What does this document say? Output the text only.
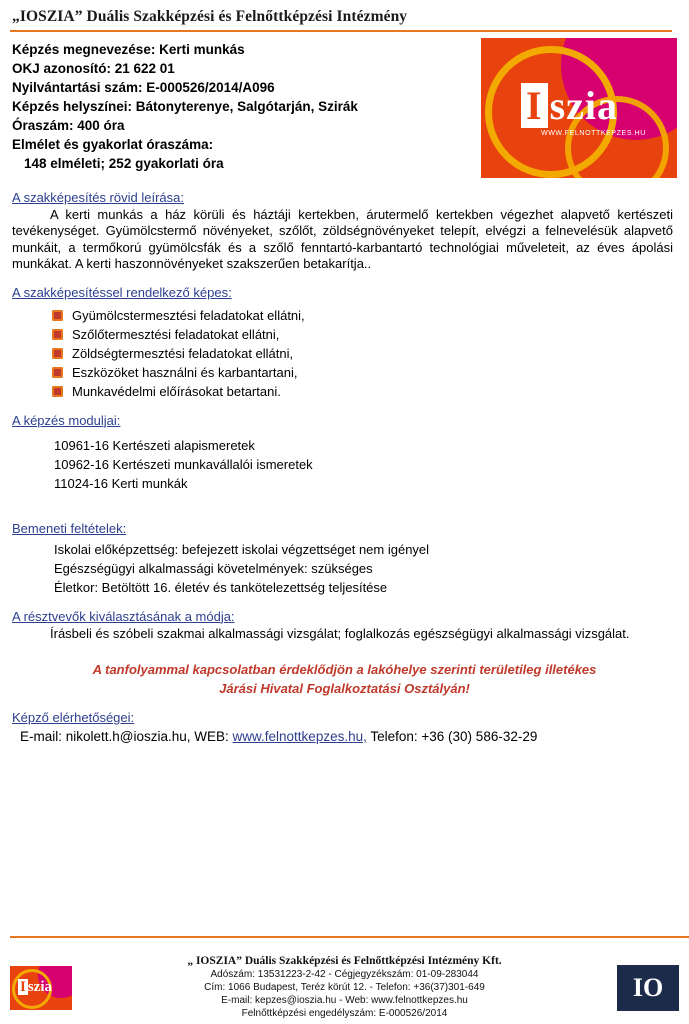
„IOSZIA” Duális Szakképzési és Felnőttképzési Intézmény
Képzés megnevezése: Kerti munkás
OKJ azonosító: 21 622 01
Nyilvántartási szám: E-000526/2014/A096
Képzés helyszínei: Bátonyterenye, Salgótarján, Szirák
Óraszám: 400 óra
Elmélet és gyakorlat óraszáma:
148 elméleti; 252 gyakorlati óra
I szia
WWW.FELNOTTKEPZES.HU
A szakképesítés rövid leírása:
A kerti munkás a ház körüli és háztáji kertekben, árutermelő kertekben végezhet alapvető kertészeti tevékenységet. Gyümölcstermő növényeket, szőlőt, zöldségnövényeket telepít, elvégzi a felnevelésük alapvető munkáit, a termőkorú gyümölcsfák és a szőlő fenntartó-karbantartó technológiai műveleteit, az éves ápolási munkákat. A kerti haszonnövényeket szakszerűen betakarítja..
A szakképesítéssel rendelkező képes:
Gyümölcstermesztési feladatokat ellátni,
Szőlőtermesztési feladatokat ellátni,
Zöldségtermesztési feladatokat ellátni,
Eszközöket használni és karbantartani,
Munkavédelmi előírásokat betartani.
A képzés moduljai:
10961-16 Kertészeti alapismeretek
10962-16 Kertészeti munkavállalói ismeretek
11024-16 Kerti munkák
Bemeneti feltételek:
Iskolai előképzettség: befejezett iskolai végzettséget nem igényel
Egészségügyi alkalmassági követelmények: szükséges
Életkor: Betöltött 16. életév és tankötelezettség teljesítése
A résztvevők kiválasztásának a módja:
Írásbeli és szóbeli szakmai alkalmassági vizsgálat; foglalkozás egészségügyi alkalmassági vizsgálat.
A tanfolyammal kapcsolatban érdeklődjön a lakóhelye szerinti területileg illetékes
Járási Hivatal Foglalkoztatási Osztályán!
Képző elérhetőségei:
E-mail: nikolett.h@ioszia.hu, WEB: www.felnottkepzes.hu, Telefon: +36 (30) 586-32-29
I szia
„ IOSZIA” Duális Szakképzési és Felnőttképzési Intézmény Kft.
Adószám: 13531223-2-42 - Cégjegyzékszám: 01-09-283044
Cím: 1066 Budapest, Teréz körút 12. - Telefon: +36(37)301-649
E-mail: kepzes@ioszia.hu - Web: www.felnottkepzes.hu
Felnőttképzési engedélyszám: E-000526/2014
IO
